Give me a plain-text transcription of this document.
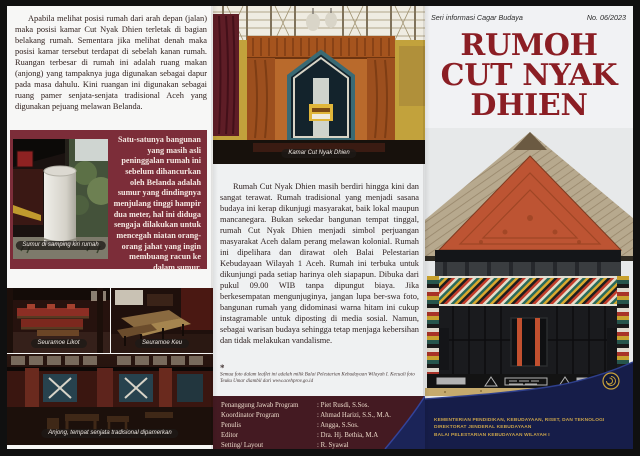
Apabila melihat posisi rumah dari arah depan (jalan) maka posisi kamar Cut Nyak Dhien terletak di bagian belakang rumah. Sementara jika melihat denah maka posisi kamar tersebut terdapat di sebelah kanan rumah. Ruangan terbesar di rumah ini adalah ruang makan (anjong) yang tampaknya juga digunakan sebagai dapur pada masa dahulu. Kini ruangan ini digunakan sebagai ruang pamer senjata-senjata tradisional Aceh yang digunakan pejuang melawan Belanda.

Sumur di samping kiri rumah

Satu-satunya bangunan yang masih asli peninggalan rumah ini sebelum dihancurkan oleh Belanda adalah sumur yang dindingnya menjulang tinggi hampir dua meter, hal ini diduga sengaja dilakukan untuk mencegah niatan orang-orang jahat yang ingin membuang racun ke dalam sumur.

Seuramoe Likot	Seuramoe Keu
Anjong, tempat senjata tradisional dipamerkan
Kamar Cut Nyak Dhien

Rumah Cut Nyak Dhien masih berdiri hingga kini dan sangat terawat. Rumah tradisional yang menjadi sasana budaya ini kerap dikunjugi masyarakat, baik lokal maupun mancanegara. Bukan sekedar bangunan tempat tinggal, rumah Cut Nyak Dhien menjadi simbol perjuangan masyarakat Aceh dalam perang melawan kolonial. Rumah ini dipelihara dan dirawat oleh Balai Pelestarian Kebudayaan Wilayah 1 Aceh. Rumah ini terbuka untuk dikunjungi pada setiap harinya oleh siapapun. Dibuka dari pukul 09.00 WIB tanpa dipungut biaya. Jika berkesempatan mengunjuginya, jangan lupa ber-swa foto, bangunan rumah yang didominasi warna hitam ini cukup instagramable untuk diposting di media sosial. Namun, sebagai warisan budaya sehingga tetap menjaga kebersihan dan tidak melakukan vandalisme.

*
Semua foto dalam leaflet ini adalah milik Balai Pelestarian Kebudayaan Wilayah I. Kecuali foto Teuku Umar diambil dari www.acehprov.go.id
Penanggung Jawab Program	: Piet Rusdi, S.Sos.
Koordinator Program	: Ahmad Harizi, S.S., M.A.
Penulis	: Angga, S.Sos.
Editor	: Dra. Hj. Bethia, M.A
Setting/ Layout	: R. Syawal
Seri informasi Cagar Budaya	No. 06/2023
RUMOH
CUT NYAK
DHIEN
KEMENTERIAN PENDIDIKAN, KEBUDAYAAN, RISET, DAN TEKNOLOGI
DIREKTORAT JENDERAL KEBUDAYAAN
BALAI PELESTARIAN KEBUDAYAAN WILAYAH I
